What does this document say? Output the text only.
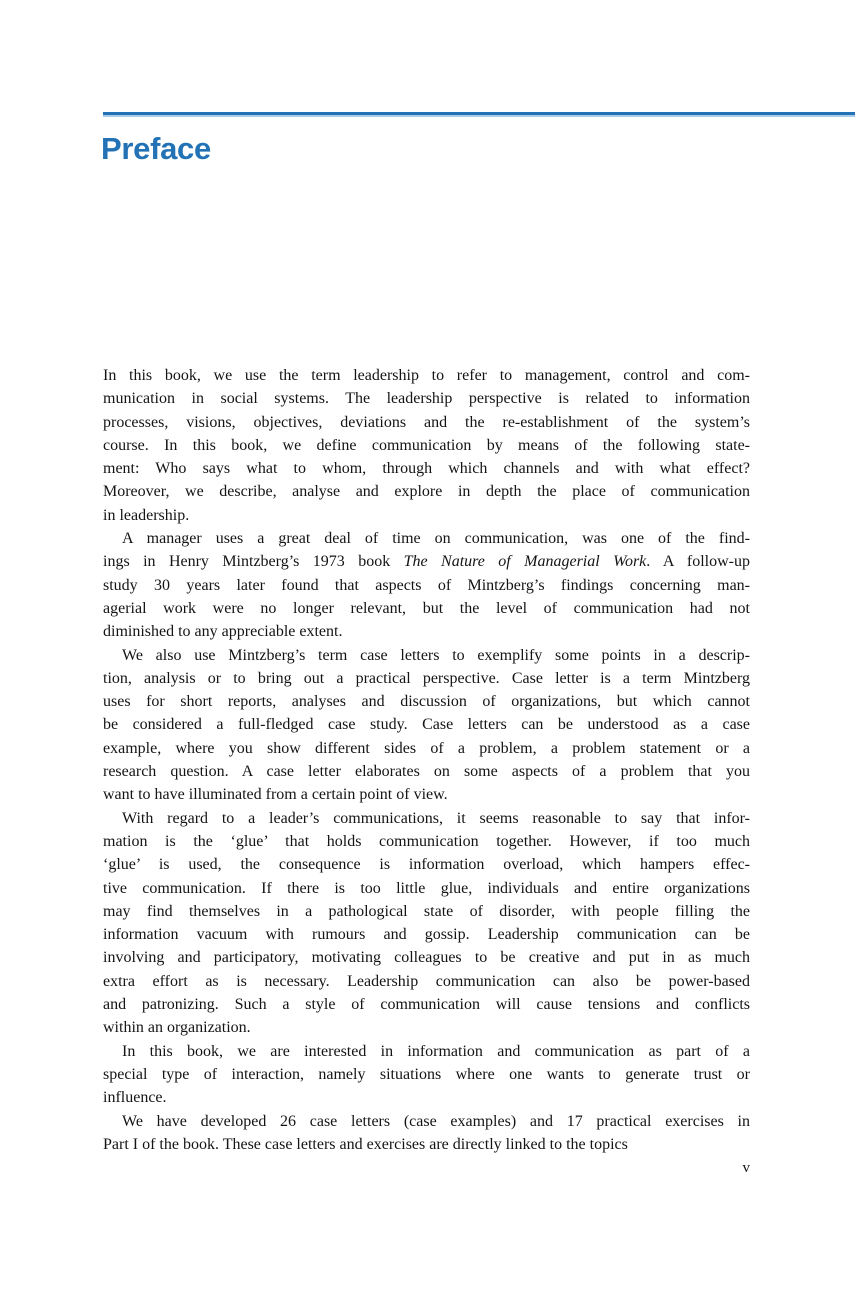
Preface
In this book, we use the term leadership to refer to management, control and com-
munication in social systems. The leadership perspective is related to information
processes, visions, objectives, deviations and the re-establishment of the system’s
course. In this book, we define communication by means of the following state-
ment: Who says what to whom, through which channels and with what effect?
Moreover, we describe, analyse and explore in depth the place of communication
in leadership.
A manager uses a great deal of time on communication, was one of the find-
ings in Henry Mintzberg’s 1973 book The Nature of Managerial Work. A follow-up
study 30 years later found that aspects of Mintzberg’s findings concerning man-
agerial work were no longer relevant, but the level of communication had not
diminished to any appreciable extent.
We also use Mintzberg’s term case letters to exemplify some points in a descrip-
tion, analysis or to bring out a practical perspective. Case letter is a term Mintzberg
uses for short reports, analyses and discussion of organizations, but which cannot
be considered a full-fledged case study. Case letters can be understood as a case
example, where you show different sides of a problem, a problem statement or a
research question. A case letter elaborates on some aspects of a problem that you
want to have illuminated from a certain point of view.
With regard to a leader’s communications, it seems reasonable to say that infor-
mation is the ‘glue’ that holds communication together. However, if too much
‘glue’ is used, the consequence is information overload, which hampers effec-
tive communication. If there is too little glue, individuals and entire organizations
may find themselves in a pathological state of disorder, with people filling the
information vacuum with rumours and gossip. Leadership communication can be
involving and participatory, motivating colleagues to be creative and put in as much
extra effort as is necessary. Leadership communication can also be power-based
and patronizing. Such a style of communication will cause tensions and conflicts
within an organization.
In this book, we are interested in information and communication as part of a
special type of interaction, namely situations where one wants to generate trust or
influence.
We have developed 26 case letters (case examples) and 17 practical exercises in
Part I of the book. These case letters and exercises are directly linked to the topics
v
